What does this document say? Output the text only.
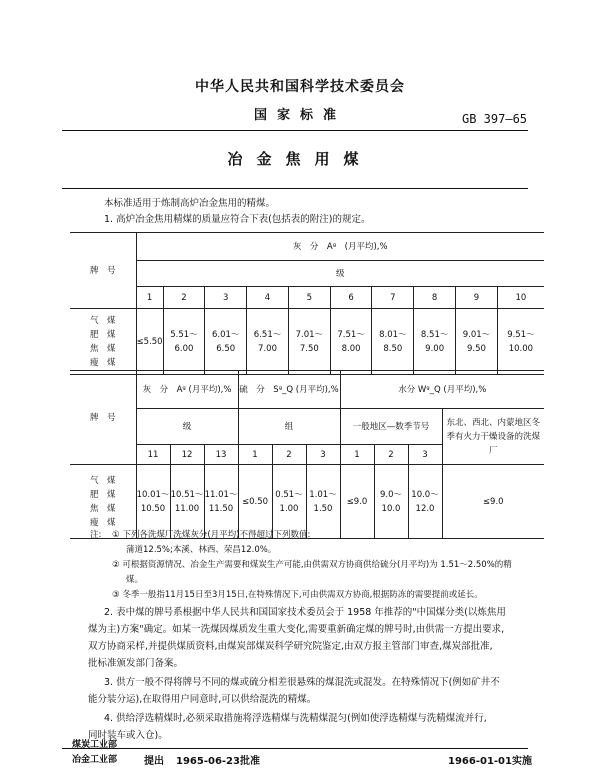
中华人民共和国科学技术委员会
国家标准	GB 397—65
冶金焦用煤
本标准适用于炼制高炉冶金焦用的精煤。
1. 高炉冶金焦用精煤的质量应符合下表(包括表的附注)的规定。
牌　号	灰　分　Aᵍ　(月平均),%									
	级									
	1	2	3	4	5	6	7	8	9	10

气　煤
肥　煤
焦　煤
瘦　煤	≤5.50	5.51～ 6.00	6.01～ 6.50	6.51～ 7.00	7.01～ 7.50	7.51～ 8.00	8.01～ 8.50	8.51～ 9.00	9.01～ 9.50	9.51～ 10.00
牌　号	灰　分　Aᵍ (月平均),%			硫　分　Sᵍ_Q (月平均),%			水分 Wᵍ_Q (月平均),%			
	级			组			一般地区—数季节号			东北、西北、内蒙地区冬季有火力干燥设备的洗煤厂
	11	12	13	1	2	3	1	2	3	

气　煤
肥　煤
焦　煤
瘦　煤	10.01～ 10.50	10.51～ 11.00	11.01～ 11.50	≤0.50	0.51～ 1.00	1.01～ 1.50	≤9.0	9.0～ 10.0	10.0～ 12.0	≤9.0
注: ① 下列各洗煤厂洗煤灰分(月平均)不得超过下列数值:
蒲道12.5%;本溪、林西、荣昌12.0%。
② 可根据资源情况、冶金生产需要和煤炭生产可能,由供需双方协商供给硫分(月平均)为 1.51～2.50%的精
煤。
③ 冬季一般指11月15日至3月15日,在特殊情况下,可由供需双方协商,根据防冻的需要提前或延长。
2. 表中煤的牌号系根据中华人民共和国国家技术委员会于 1958 年推荐的"中国煤分类(以炼焦用
煤为主)方案"确定。如某一洗煤因煤质发生重大变化,需要重新确定煤的牌号时,由供需一方提出要求,
双方协商采样,并提供煤质资料,由煤炭部煤炭科学研究院鉴定,由双方报主管部门审查,煤炭部批准,
批标准颁发部门备案。
3. 供方一般不得将牌号不同的煤或硫分相差很悬殊的煤混洗或混发。在特殊情况下(例如矿井不
能分装分运),在取得用户同意时,可以供给混洗的精煤。
4. 供给浮选精煤时,必须采取措施将浮选精煤与洗精煤混匀(例如使浮选精煤与洗精煤流并行,
同时装车或入仓)。
煤炭工业部
冶金工业部	提出 1965-06-23批准	1966-01-01实施
